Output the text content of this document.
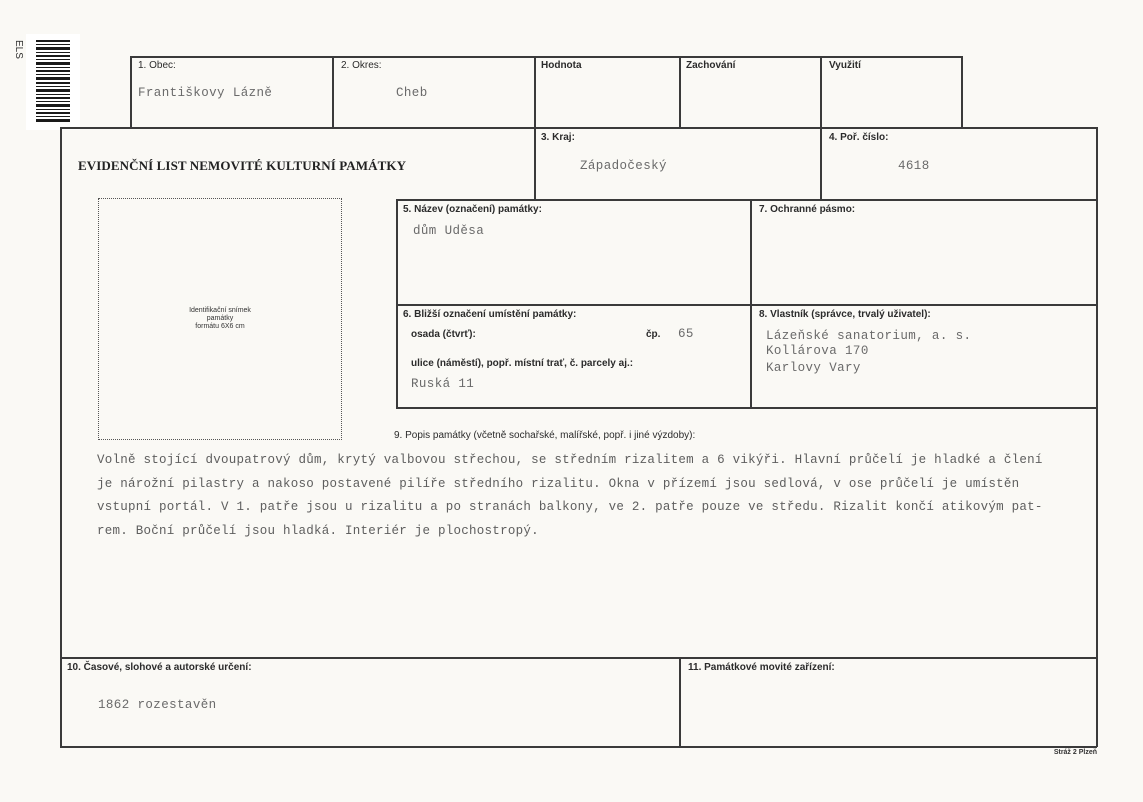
ELS
1. Obec:
Františkovy Lázně
2. Okres:
Cheb
Hodnota	Zachování	Využití
EVIDENČNÍ LIST NEMOVITÉ KULTURNÍ PAMÁTKY
3. Kraj:
Západočeský
4. Poř. číslo:
4618
Identifikační snímek
památky
formátu 6X6 cm
5. Název (označení) památky:
dům Uděsa
7. Ochranné pásmo:
6. Bližší označení umístění památky:
osada (čtvrť):	čp. 65
ulice (náměstí), popř. místní trať, č. parcely aj.:
Ruská 11
8. Vlastník (správce, trvalý uživatel):
Lázeňské sanatorium, a. s.
Kollárova 170
Karlovy Vary
9. Popis památky (včetně sochařské, malířské, popř. i jiné výzdoby):
Volně stojící dvoupatrový dům, krytý valbovou střechou, se středním rizalitem a 6 vikýři. Hlavní průčelí je hladké a člení
je nárožní pilastry a nakoso postavené pilíře středního rizalitu. Okna v přízemí jsou sedlová, v ose průčelí je umístěn
vstupní portál. V 1. patře jsou u rizalitu a po stranách balkony, ve 2. patře pouze ve středu. Rizalit končí atikovým pat-
rem. Boční průčelí jsou hladká. Interiér je plochostropý.
10. Časové, slohové a autorské určení:
1862 rozestavěn
11. Památkové movité zařízení:
Stráž 2 Plzeň
